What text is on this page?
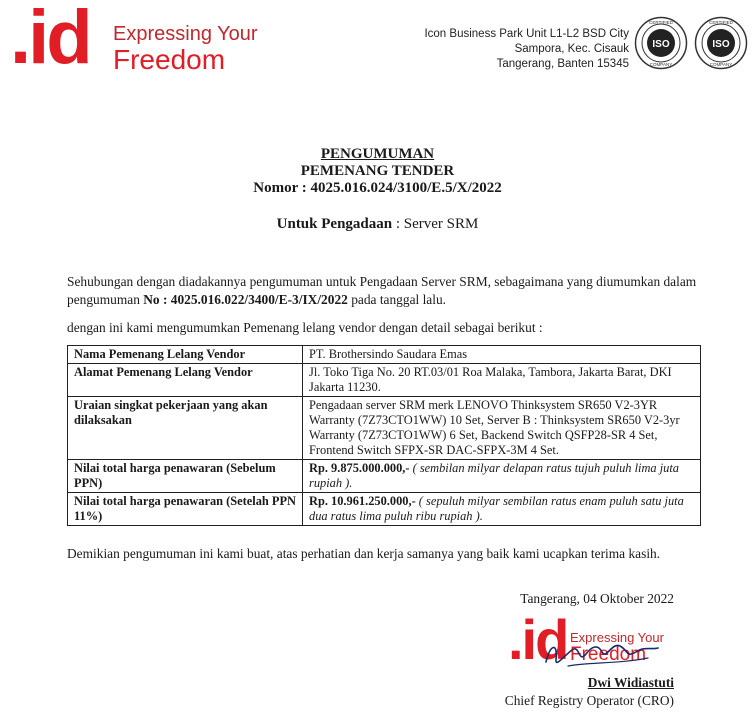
.id Expressing Your
Freedom
Icon Business Park Unit L1-L2 BSD City
Sampora, Kec. Cisauk
Tangerang, Banten 15345
ISO
CERTIFIED
COMPANY
ISO
CERTIFIED
COMPANY
PENGUMUMAN
PEMENANG TENDER
Nomor : 4025.016.024/3100/E.5/X/2022
Untuk Pengadaan : Server SRM
Sehubungan dengan diadakannya pengumuman untuk Pengadaan Server SRM, sebagaimana yang diumumkan dalam pengumuman No : 4025.016.022/3400/E-3/IX/2022 pada tanggal lalu.
dengan ini kami mengumumkan Pemenang lelang vendor dengan detail sebagai berikut :
Nama Pemenang Lelang Vendor	PT. Brothersindo Saudara Emas
Alamat Pemenang Lelang Vendor	Jl. Toko Tiga No. 20 RT.03/01 Roa Malaka, Tambora, Jakarta Barat, DKI Jakarta 11230.
Uraian singkat pekerjaan yang akan dilaksakan	Pengadaan server SRM merk LENOVO Thinksystem SR650 V2-3YR Warranty (7Z73CTO1WW) 10 Set, Server B : Thinksystem SR650 V2-3yr Warranty (7Z73CTO1WW) 6 Set, Backend Switch QSFP28-SR 4 Set, Frontend Switch SFPX-SR DAC-SFPX-3M 4 Set.
Nilai total harga penawaran (Sebelum PPN)	Rp. 9.875.000.000,- ( sembilan milyar delapan ratus tujuh puluh lima juta rupiah ).
Nilai total harga penawaran (Setelah PPN 11%)	Rp. 10.961.250.000,- ( sepuluh milyar sembilan ratus enam puluh satu juta dua ratus lima puluh ribu rupiah ).
Demikian pengumuman ini kami buat, atas perhatian dan kerja samanya yang baik kami ucapkan terima kasih.
Tangerang, 04 Oktober 2022
.id Expressing Your
Freedom
Dwi Widiastuti
Chief Registry Operator (CRO)
